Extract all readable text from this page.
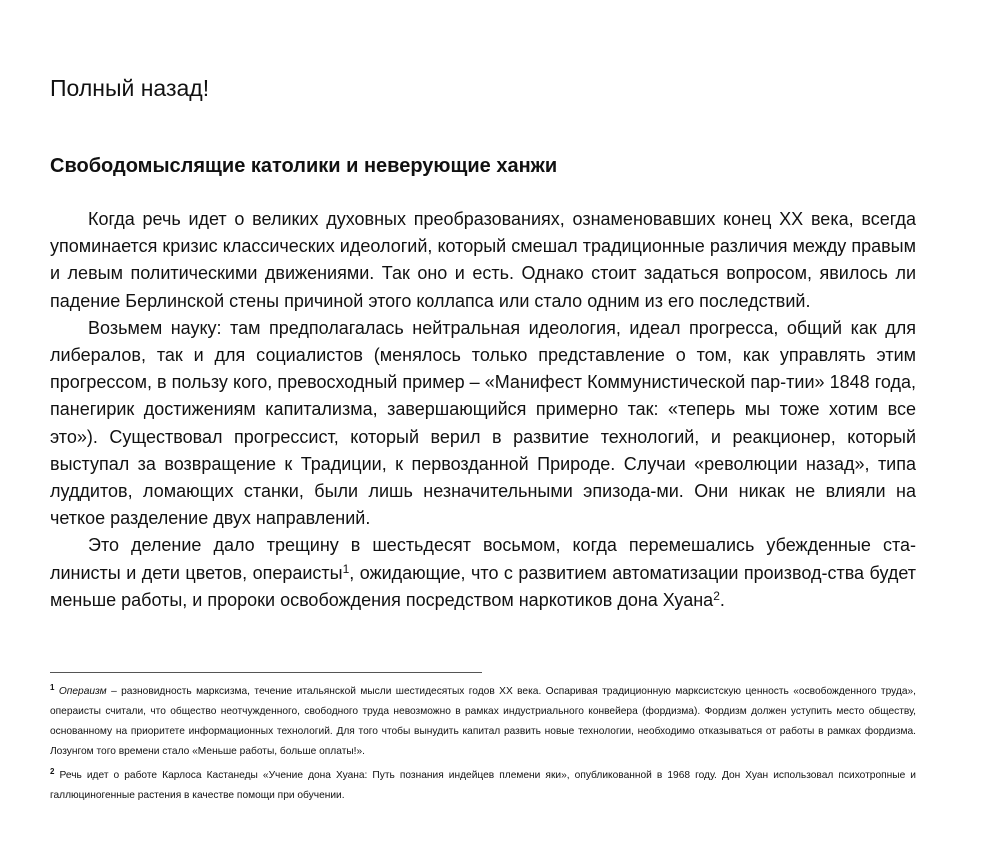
Полный назад!
Свободомыслящие католики и неверующие ханжи

Когда речь идет о великих духовных преобразованиях, ознаменовавших конец XX века, всегда упоминается кризис классических идеологий, который смешал традиционные различия между правым и левым политическими движениями. Так оно и есть. Однако стоит задаться вопросом, явилось ли падение Берлинской стены причиной этого коллапса или стало одним из его последствий.

Возьмем науку: там предполагалась нейтральная идеология, идеал прогресса, общий как для либералов, так и для социалистов (менялось только представление о том, как управлять этим прогрессом, в пользу кого, превосходный пример – «Манифест Коммунистической пар-тии» 1848 года, панегирик достижениям капитализма, завершающийся примерно так: «теперь мы тоже хотим все это»). Существовал прогрессист, который верил в развитие технологий, и реакционер, который выступал за возвращение к Традиции, к первозданной Природе. Случаи «революции назад», типа луддитов, ломающих станки, были лишь незначительными эпизода-ми. Они никак не влияли на четкое разделение двух направлений.

Это деление дало трещину в шестьдесят восьмом, когда перемешались убежденные ста-линисты и дети цветов, операисты$^1$, ожидающие, что с развитием автоматизации производ-ства будет меньше работы, и пророки освобождения посредством наркотиков дона Хуана$^2$.

$^1$ Операизм – разновидность марксизма, течение итальянской мысли шестидесятых годов XX века. Оспаривая традиционную марксистскую ценность «освобожденного труда», операисты считали, что общество неотчужденного, свободного труда невозможно в рамках индустриального конвейера (фордизма). Фордизм должен уступить место обществу, основанному на приоритете информационных технологий. Для того чтобы вынудить капитал развить новые технологии, необходимо отказываться от работы в рамках фордизма. Лозунгом того времени стало «Меньше работы, больше оплаты!».

$^2$ Речь идет о работе Карлоса Кастанеды «Учение дона Хуана: Путь познания индейцев племени яки», опубликованной в 1968 году. Дон Хуан использовал психотропные и галлюциногенные растения в качестве помощи при обучении.
